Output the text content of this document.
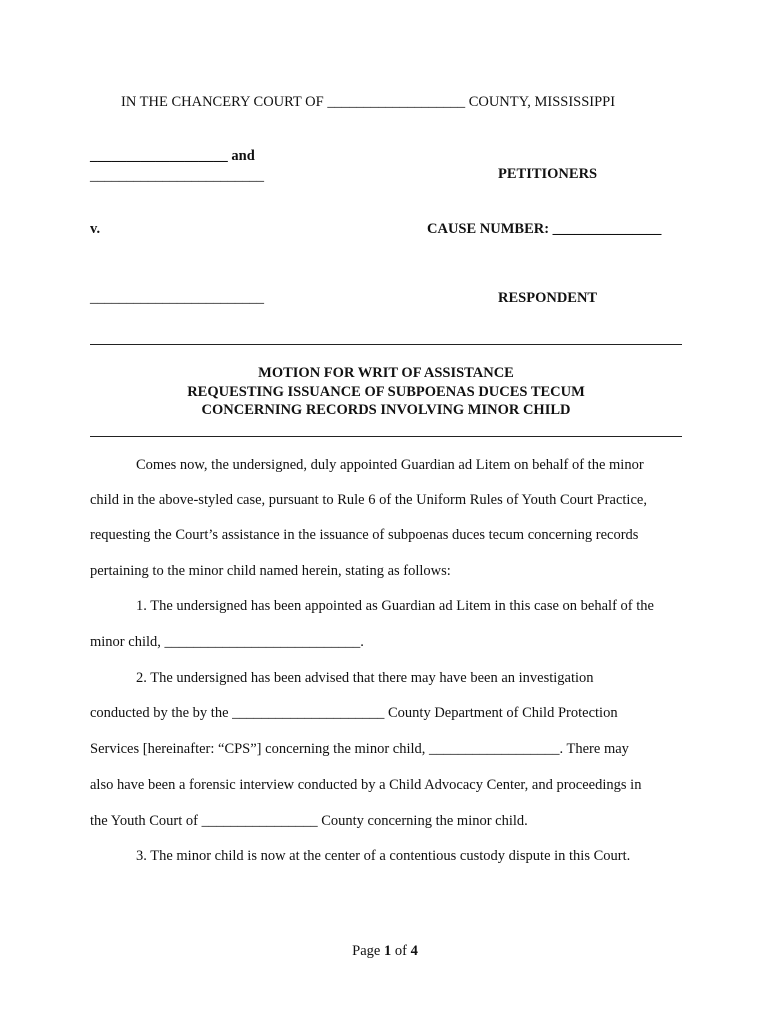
IN THE CHANCERY COURT OF ___________________ COUNTY, MISSISSIPPI
___________________ and
________________________	PETITIONERS
v.	CAUSE NUMBER: _______________
________________________	RESPONDENT
MOTION FOR WRIT OF ASSISTANCE
REQUESTING ISSUANCE OF SUBPOENAS DUCES TECUM
CONCERNING RECORDS INVOLVING MINOR CHILD
Comes now, the undersigned, duly appointed Guardian ad Litem on behalf of the minor
child in the above-styled case, pursuant to Rule 6 of the Uniform Rules of Youth Court Practice,
requesting the Court’s assistance in the issuance of subpoenas duces tecum concerning records
pertaining to the minor child named herein, stating as follows:
1. The undersigned has been appointed as Guardian ad Litem in this case on behalf of the
minor child, ___________________________.
2. The undersigned has been advised that there may have been an investigation
conducted by the by the _____________________ County Department of Child Protection
Services [hereinafter: “CPS”] concerning the minor child, __________________. There may
also have been a forensic interview conducted by a Child Advocacy Center, and proceedings in
the Youth Court of ________________ County concerning the minor child.
3. The minor child is now at the center of a contentious custody dispute in this Court.
Page 1 of 4
